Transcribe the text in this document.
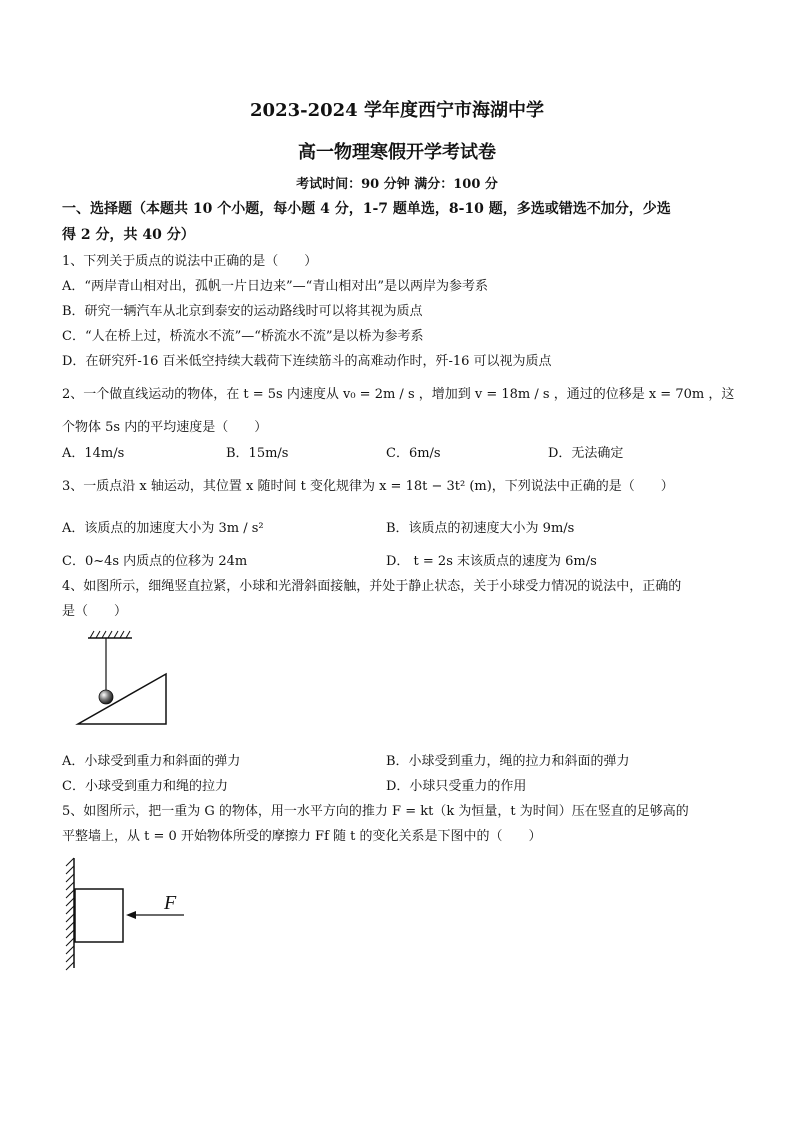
2023-2024 学年度西宁市海湖中学
高一物理寒假开学考试卷
考试时间：90 分钟 满分：100 分
一、选择题（本题共 10 个小题，每小题 4 分，1-7 题单选，8-10 题，多选或错选不加分，少选
得 2 分，共 40 分）
1、下列关于质点的说法中正确的是（　　）
A．“两岸青山相对出，孤帆一片日边来”—“青山相对出”是以两岸为参考系
B．研究一辆汽车从北京到泰安的运动路线时可以将其视为质点
C．“人在桥上过，桥流水不流”—“桥流水不流”是以桥为参考系
D．在研究歼-16 百米低空持续大载荷下连续筋斗的高难动作时，歼-16 可以视为质点
2、一个做直线运动的物体，在 t = 5s 内速度从 v₀ = 2m / s ，增加到 v = 18m / s ，通过的位移是 x = 70m ，这
个物体 5s 内的平均速度是（　　）
A．14m/s	B．15m/s	C．6m/s	D．无法确定
3、一质点沿 x 轴运动，其位置 x 随时间 t 变化规律为 x = 18t − 3t² (m)，下列说法中正确的是（　　）
A．该质点的加速度大小为 3m / s²	B．该质点的初速度大小为 9m/s
C．0~4s 内质点的位移为 24m	D． t = 2s 末该质点的速度为 6m/s
4、如图所示，细绳竖直拉紧，小球和光滑斜面接触，并处于静止状态，关于小球受力情况的说法中，正确的
是（　　）
A．小球受到重力和斜面的弹力	B．小球受到重力，绳的拉力和斜面的弹力
C．小球受到重力和绳的拉力	D．小球只受重力的作用
5、如图所示，把一重为 G 的物体，用一水平方向的推力 F = kt（k 为恒量，t 为时间）压在竖直的足够高的
平整墙上，从 t = 0 开始物体所受的摩擦力 Ff 随 t 的变化关系是下图中的（　　）
F
